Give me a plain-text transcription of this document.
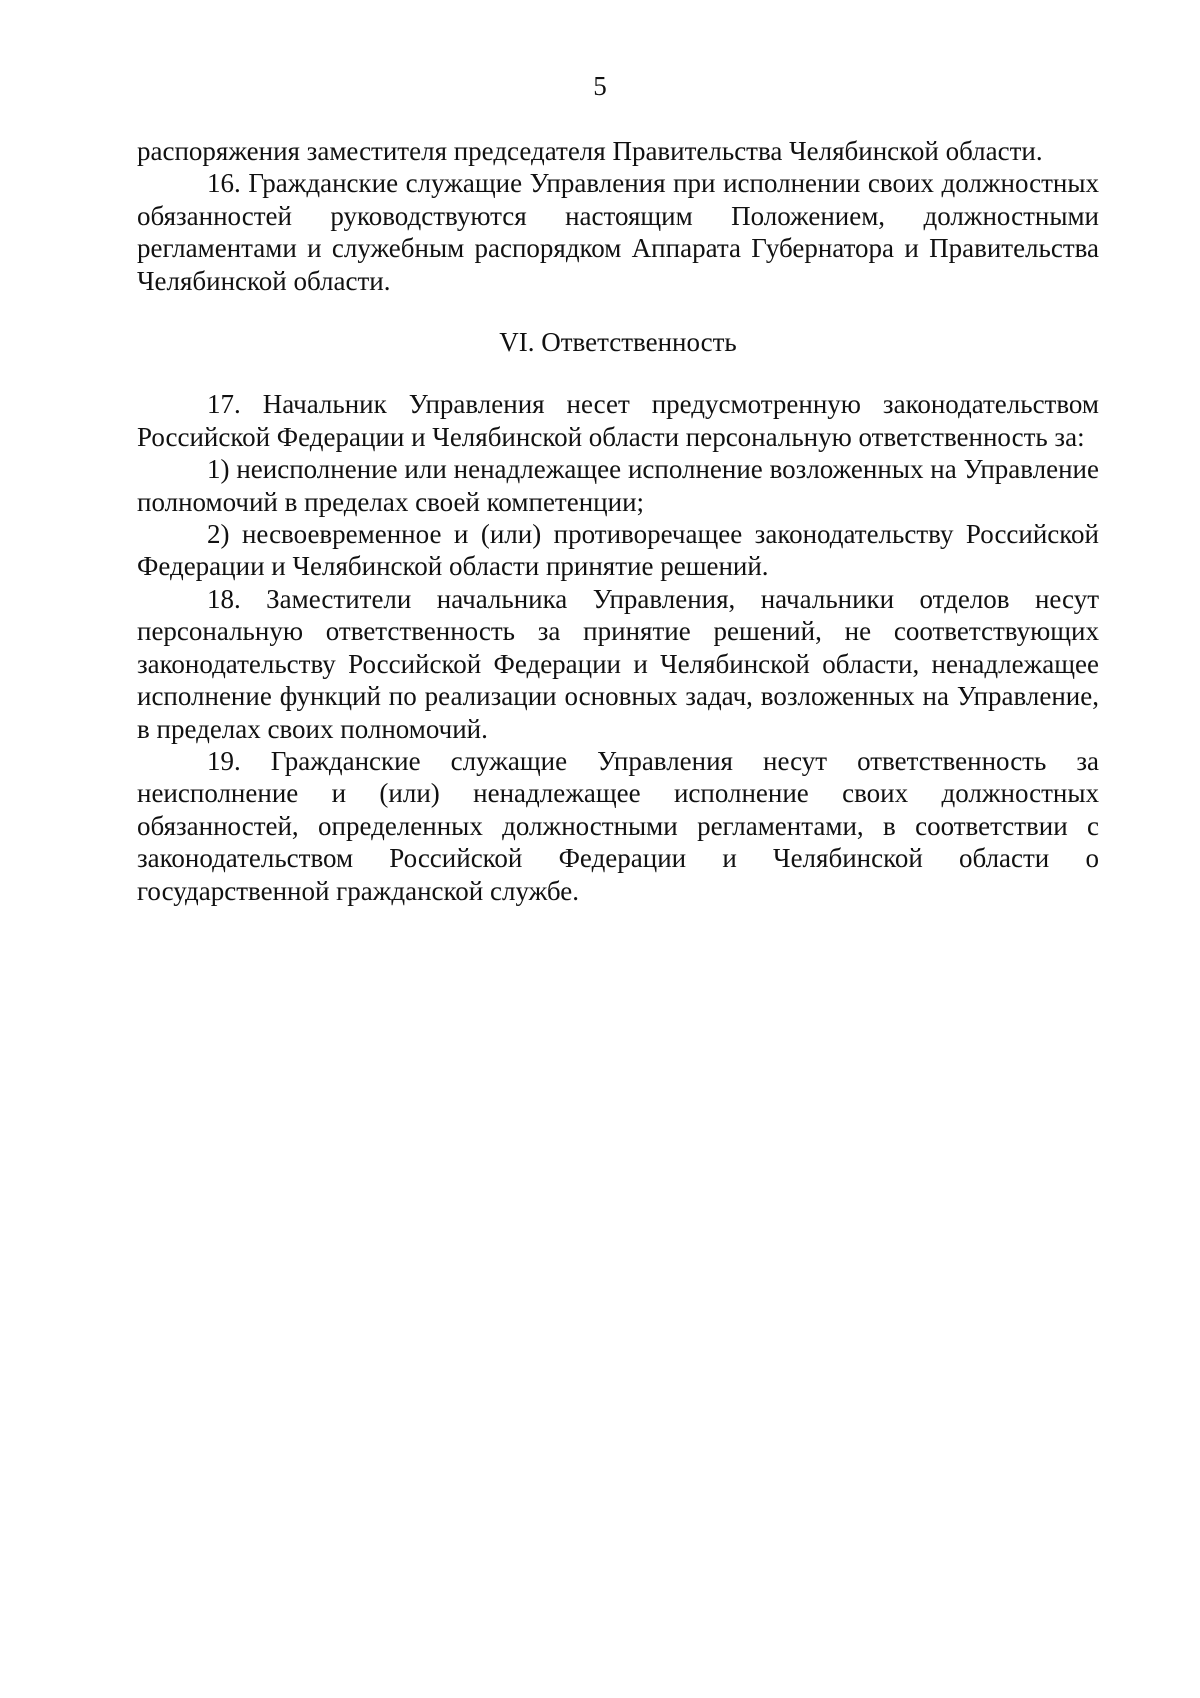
5

распоряжения заместителя председателя Правительства Челябинской области.

16. Гражданские служащие Управления при исполнении своих должностных обязанностей руководствуются настоящим Положением, должностными регламентами и служебным распорядком Аппарата Губернатора и Правительства Челябинской области.

VI. Ответственность

17. Начальник Управления несет предусмотренную законодательством Российской Федерации и Челябинской области персональную ответственность за:

1) неисполнение или ненадлежащее исполнение возложенных на Управление полномочий в пределах своей компетенции;

2) несвоевременное и (или) противоречащее законодательству Российской Федерации и Челябинской области принятие решений.

18. Заместители начальника Управления, начальники отделов несут персональную ответственность за принятие решений, не соответствующих законодательству Российской Федерации и Челябинской области, ненадлежащее исполнение функций по реализации основных задач, возложенных на Управление, в пределах своих полномочий.

19. Гражданские служащие Управления несут ответственность за неисполнение и (или) ненадлежащее исполнение своих должностных обязанностей, определенных должностными регламентами, в соответствии с законодательством Российской Федерации и Челябинской области о государственной гражданской службе.
